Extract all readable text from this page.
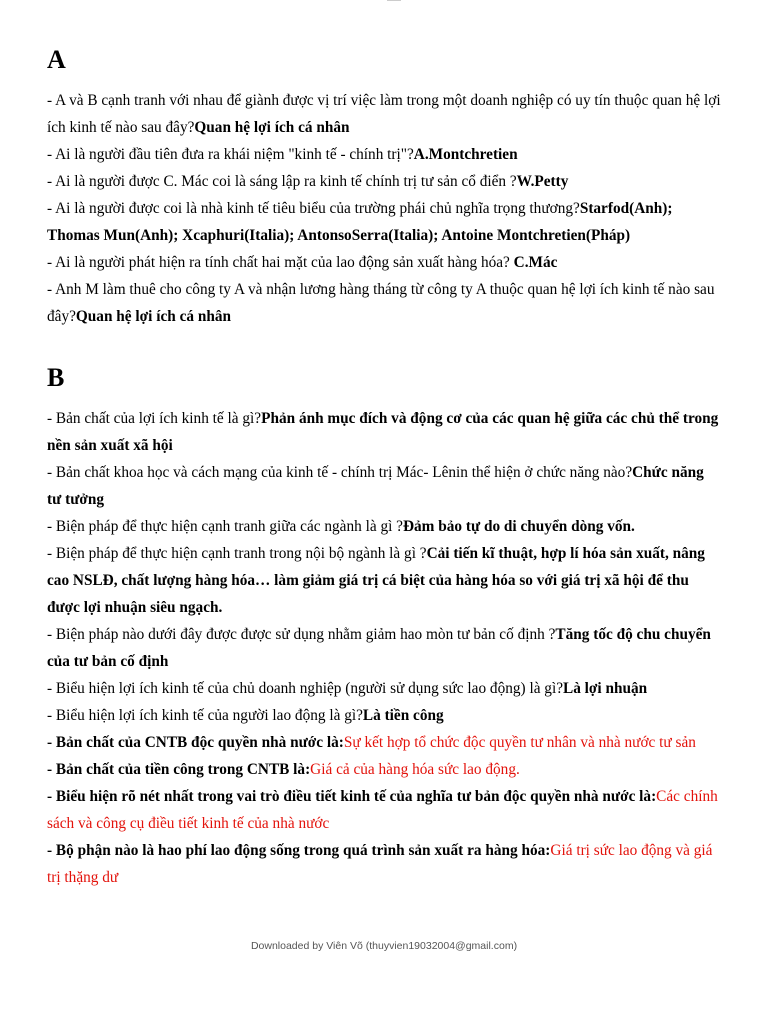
A

- A và B cạnh tranh với nhau để giành được vị trí việc làm trong một doanh nghiệp có uy tín thuộc quan hệ lợi ích kinh tế nào sau đây?Quan hệ lợi ích cá nhân

- Ai là người đầu tiên đưa ra khái niệm "kinh tế - chính trị"?A.Montchretien

- Ai là người được C. Mác coi là sáng lập ra kinh tế chính trị tư sản cổ điển ?W.Petty

- Ai là người được coi là nhà kinh tế tiêu biểu của trường phái chủ nghĩa trọng thương?Starfod(Anh); Thomas Mun(Anh); Xcaphuri(Italia); AntonsoSerra(Italia); Antoine Montchretien(Pháp)

- Ai là người phát hiện ra tính chất hai mặt của lao động sản xuất hàng hóa? C.Mác

- Anh M làm thuê cho công ty A và nhận lương hàng tháng từ công ty A thuộc quan hệ lợi ích kinh tế nào sau đây?Quan hệ lợi ích cá nhân

B

- Bản chất của lợi ích kinh tế là gì?Phản ánh mục đích và động cơ của các quan hệ giữa các chủ thể trong nền sản xuất xã hội

- Bản chất khoa học và cách mạng của kinh tế - chính trị Mác- Lênin thể hiện ở chức năng nào?Chức năng tư tưởng

- Biện pháp để thực hiện cạnh tranh giữa các ngành là gì ?Đảm bảo tự do di chuyển dòng vốn.

- Biện pháp để thực hiện cạnh tranh trong nội bộ ngành là gì ?Cải tiến kĩ thuật, hợp lí hóa sản xuất, nâng cao NSLĐ, chất lượng hàng hóa… làm giảm giá trị cá biệt của hàng hóa so với giá trị xã hội để thu được lợi nhuận siêu ngạch.

- Biện pháp nào dưới đây được được sử dụng nhằm giảm hao mòn tư bản cố định ?Tăng tốc độ chu chuyển của tư bản cố định

- Biểu hiện lợi ích kinh tế của chủ doanh nghiệp (người sử dụng sức lao động) là gì?Là lợi nhuận

- Biểu hiện lợi ích kinh tế của người lao động là gì?Là tiền công

- Bản chất của CNTB độc quyền nhà nước là:Sự kết hợp tổ chức độc quyền tư nhân và nhà nước tư sản

- Bản chất của tiền công trong CNTB là:Giá cả của hàng hóa sức lao động.

- Biểu hiện rõ nét nhất trong vai trò điều tiết kinh tế của nghĩa tư bản độc quyền nhà nước là:Các chính sách và công cụ điều tiết kinh tế của nhà nước

- Bộ phận nào là hao phí lao động sống trong quá trình sản xuất ra hàng hóa:Giá trị sức lao động và giá trị thặng dư

Downloaded by Viên Võ (thuyvien19032004@gmail.com)
